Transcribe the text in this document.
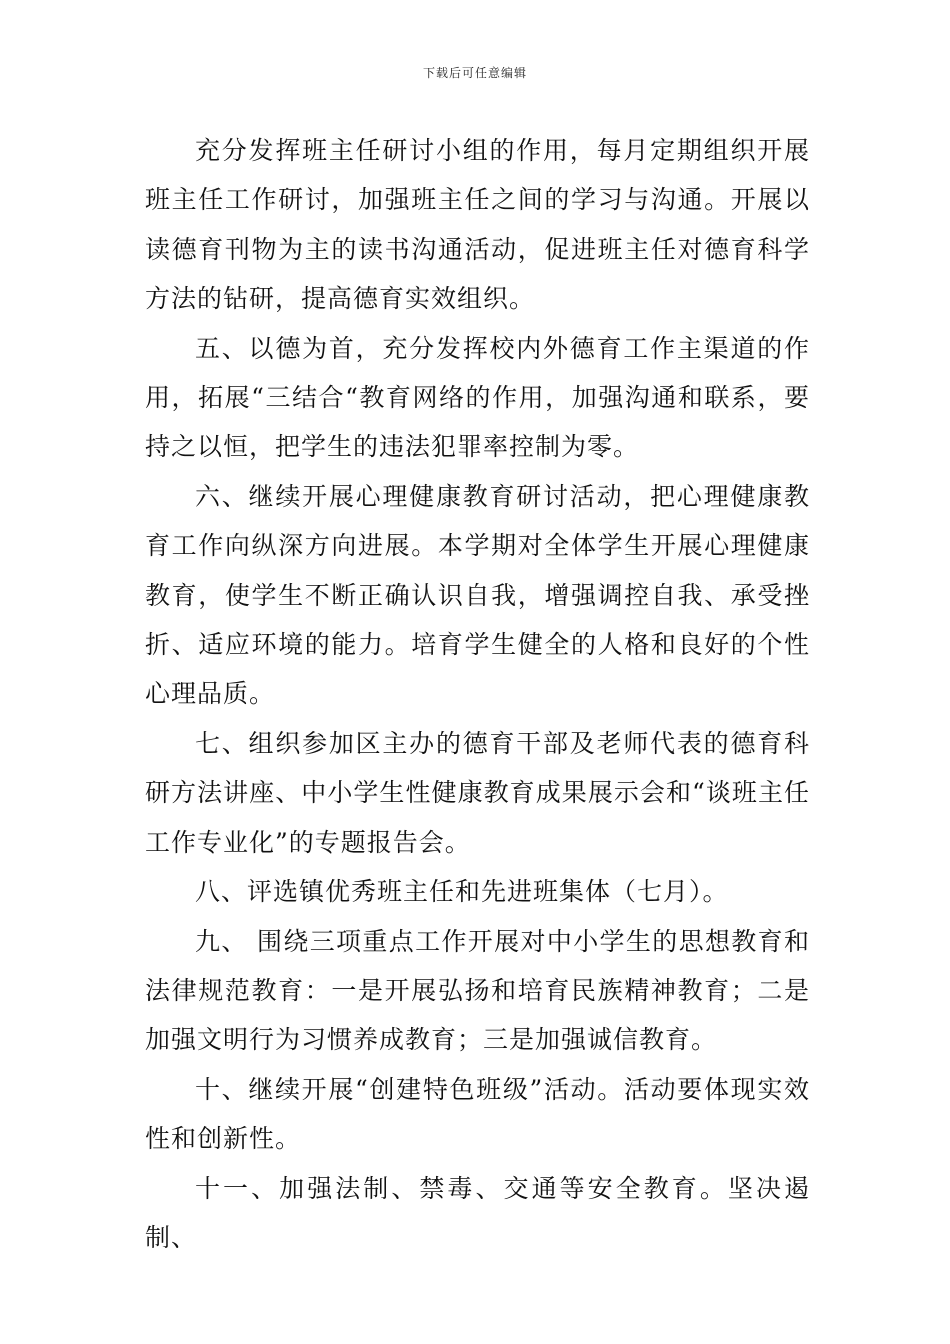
下载后可任意编辑

充分发挥班主任研讨小组的作用，每月定期组织开展班主任工作研讨，加强班主任之间的学习与沟通。开展以读德育刊物为主的读书沟通活动，促进班主任对德育科学方法的钻研，提高德育实效组织。

五、以德为首，充分发挥校内外德育工作主渠道的作用，拓展“三结合“教育网络的作用，加强沟通和联系，要持之以恒，把学生的违法犯罪率控制为零。

六、继续开展心理健康教育研讨活动，把心理健康教育工作向纵深方向进展。本学期对全体学生开展心理健康教育，使学生不断正确认识自我，增强调控自我、承受挫折、适应环境的能力。培育学生健全的人格和良好的个性心理品质。

七、组织参加区主办的德育干部及老师代表的德育科研方法讲座、中小学生性健康教育成果展示会和“谈班主任工作专业化”的专题报告会。

八、评选镇优秀班主任和先进班集体（七月）。

九、 围绕三项重点工作开展对中小学生的思想教育和法律规范教育：一是开展弘扬和培育民族精神教育；二是加强文明行为习惯养成教育；三是加强诚信教育。

十、继续开展“创建特色班级”活动。活动要体现实效性和创新性。

十一、加强法制、禁毒、交通等安全教育。坚决遏制、
